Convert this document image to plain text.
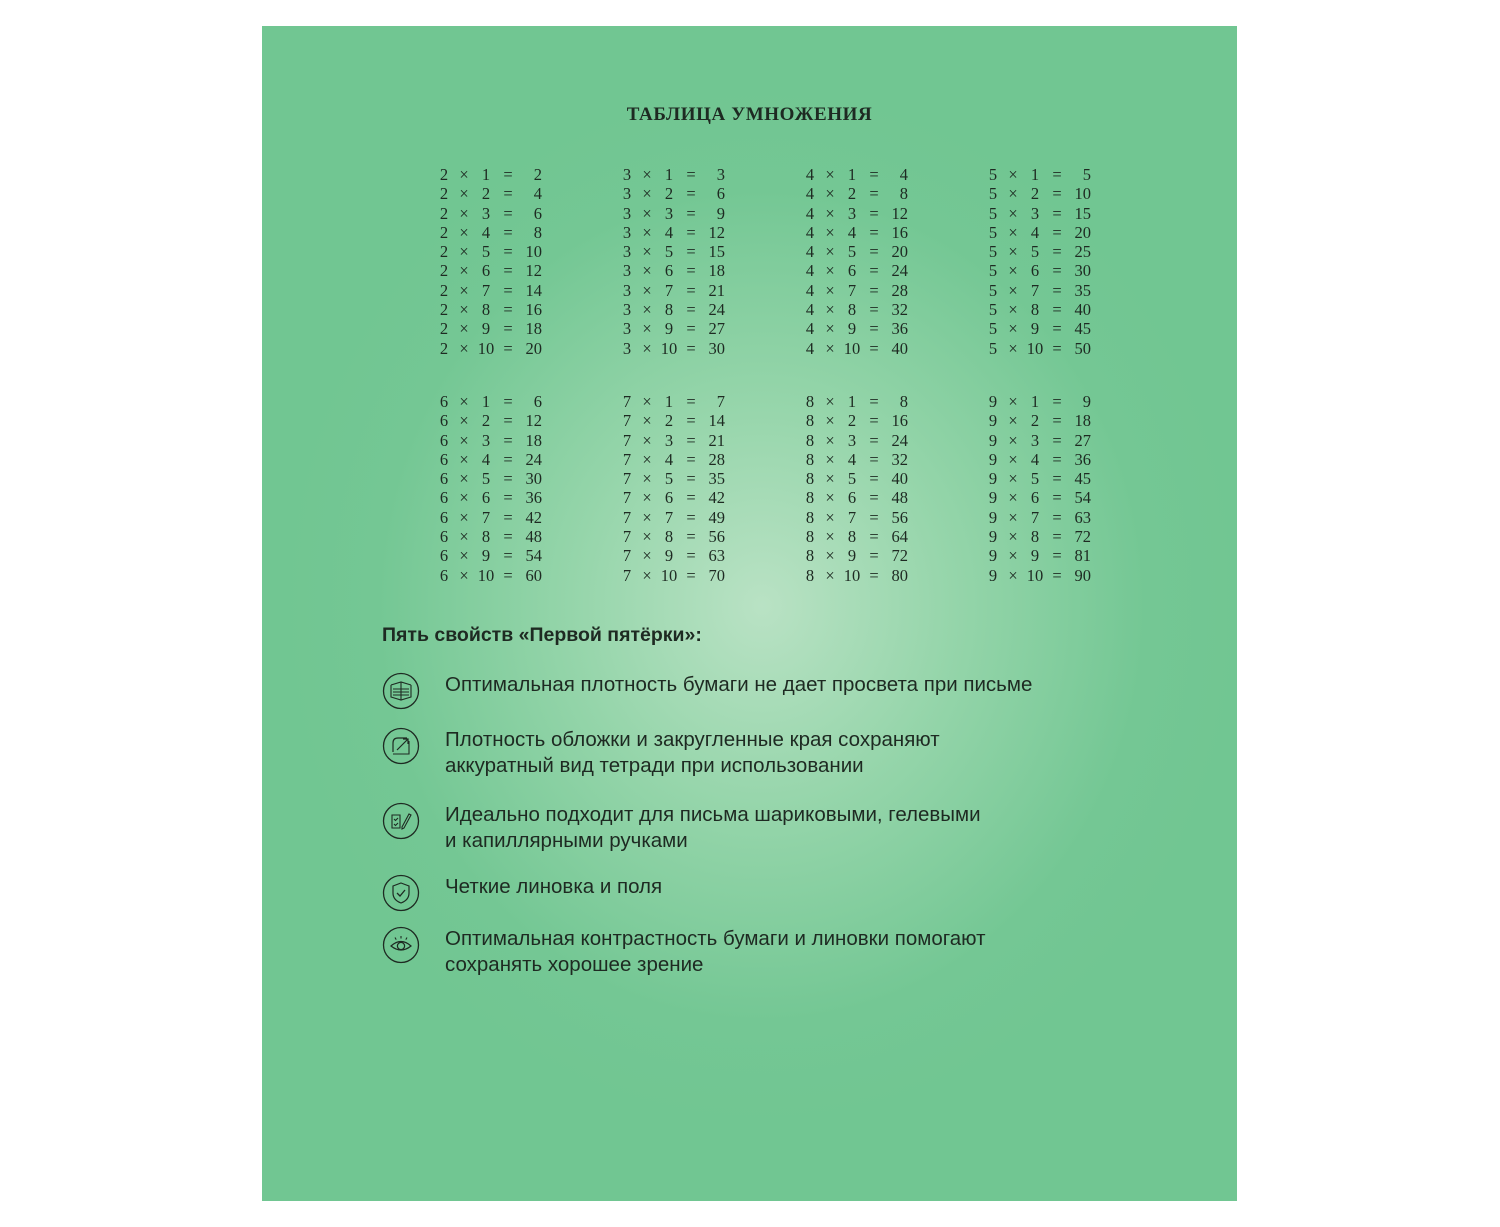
ТАБЛИЦА УМНОЖЕНИЯ
2 × 1 =	2
2 × 2 =	4
2 × 3 =	6
2 × 4 =	8
2 × 5 = 10
2 × 6 = 12
2 × 7 = 14
2 × 8 = 16
2 × 9 = 18
2 × 10 = 20
3 × 1 =	3
3 × 2 =	6
3 × 3 =	9
3 × 4 = 12
3 × 5 = 15
3 × 6 = 18
3 × 7 = 21
3 × 8 = 24
3 × 9 = 27
3 × 10 = 30
4 × 1 =	4
4 × 2 =	8
4 × 3 = 12
4 × 4 = 16
4 × 5 = 20
4 × 6 = 24
4 × 7 = 28
4 × 8 = 32
4 × 9 = 36
4 × 10 = 40
5 × 1 =	5
5 × 2 = 10
5 × 3 = 15
5 × 4 = 20
5 × 5 = 25
5 × 6 = 30
5 × 7 = 35
5 × 8 = 40
5 × 9 = 45
5 × 10 = 50
6 × 1 =	6
6 × 2 = 12
6 × 3 = 18
6 × 4 = 24
6 × 5 = 30
6 × 6 = 36
6 × 7 = 42
6 × 8 = 48
6 × 9 = 54
6 × 10 = 60
7 × 1 =	7
7 × 2 = 14
7 × 3 = 21
7 × 4 = 28
7 × 5 = 35
7 × 6 = 42
7 × 7 = 49
7 × 8 = 56
7 × 9 = 63
7 × 10 = 70
8 × 1 =	8
8 × 2 = 16
8 × 3 = 24
8 × 4 = 32
8 × 5 = 40
8 × 6 = 48
8 × 7 = 56
8 × 8 = 64
8 × 9 = 72
8 × 10 = 80
9 × 1 =	9
9 × 2 = 18
9 × 3 = 27
9 × 4 = 36
9 × 5 = 45
9 × 6 = 54
9 × 7 = 63
9 × 8 = 72
9 × 9 = 81
9 × 10 = 90
Пять свойств «Первой пятёрки»:
Оптимальная плотность бумаги не дает просвета при письме
Плотность обложки и закругленные края сохраняют
аккуратный вид тетради при использовании
Идеально подходит для письма шариковыми, гелевыми
и капиллярными ручками
Четкие линовка и поля
Оптимальная контрастность бумаги и линовки помогают
сохранять хорошее зрение
